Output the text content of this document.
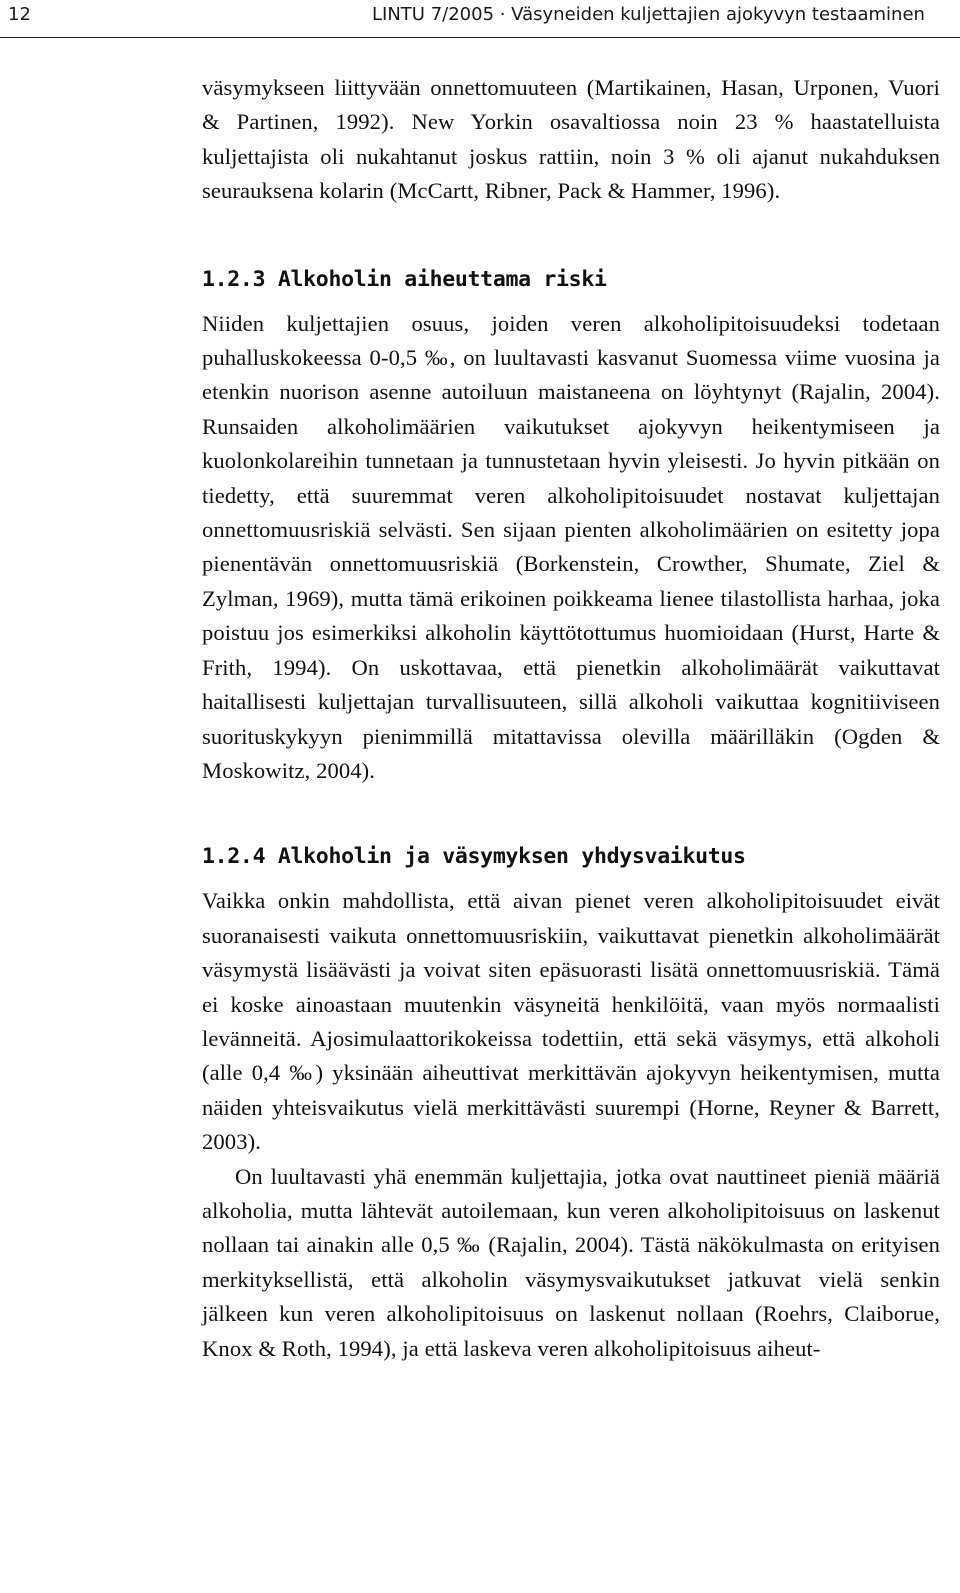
12	LINTU 7/2005 · Väsyneiden kuljettajien ajokyvyn testaaminen

väsymykseen liittyvään onnettomuuteen (Martikainen, Hasan, Urponen, Vuori & Partinen, 1992). New Yorkin osavaltiossa noin 23 % haastatelluista kuljettajista oli nukahtanut joskus rattiin, noin 3 % oli ajanut nukahduksen seurauksena kolarin (McCartt, Ribner, Pack & Hammer, 1996).

1.2.3 Alkoholin aiheuttama riski

Niiden kuljettajien osuus, joiden veren alkoholipitoisuudeksi todetaan puhalluskokeessa 0-0,5 ‰, on luultavasti kasvanut Suomessa viime vuosina ja etenkin nuorison asenne autoiluun maistaneena on löyhtynyt (Rajalin, 2004). Runsaiden alkoholimäärien vaikutukset ajokyvyn heikentymiseen ja kuolonkolareihin tunnetaan ja tunnustetaan hyvin yleisesti. Jo hyvin pitkään on tiedetty, että suuremmat veren alkoholipitoisuudet nostavat kuljettajan onnettomuusriskiä selvästi. Sen sijaan pienten alkoholimäärien on esitetty jopa pienentävän onnettomuusriskiä (Borkenstein, Crowther, Shumate, Ziel & Zylman, 1969), mutta tämä erikoinen poikkeama lienee tilastollista harhaa, joka poistuu jos esimerkiksi alkoholin käyttötottumus huomioidaan (Hurst, Harte & Frith, 1994). On uskottavaa, että pienetkin alkoholimäärät vaikuttavat haitallisesti kuljettajan turvallisuuteen, sillä alkoholi vaikuttaa kognitiiviseen suorituskykyyn pienimmillä mitattavissa olevilla määrilläkin (Ogden & Moskowitz, 2004).

1.2.4 Alkoholin ja väsymyksen yhdysvaikutus

Vaikka onkin mahdollista, että aivan pienet veren alkoholipitoisuudet eivät suoranaisesti vaikuta onnettomuusriskiin, vaikuttavat pienetkin alkoholimäärät väsymystä lisäävästi ja voivat siten epäsuorasti lisätä onnettomuusriskiä. Tämä ei koske ainoastaan muutenkin väsyneitä henkilöitä, vaan myös normaalisti levänneitä. Ajosimulaattorikokeissa todettiin, että sekä väsymys, että alkoholi (alle 0,4 ‰) yksinään aiheuttivat merkittävän ajokyvyn heikentymisen, mutta näiden yhteisvaikutus vielä merkittävästi suurempi (Horne, Reyner & Barrett, 2003).

On luultavasti yhä enemmän kuljettajia, jotka ovat nauttineet pieniä määriä alkoholia, mutta lähtevät autoilemaan, kun veren alkoholipitoisuus on laskenut nollaan tai ainakin alle 0,5 ‰ (Rajalin, 2004). Tästä näkökulmasta on erityisen merkityksellistä, että alkoholin väsymysvaikutukset jatkuvat vielä senkin jälkeen kun veren alkoholipitoisuus on laskenut nollaan (Roehrs, Claiborue, Knox & Roth, 1994), ja että laskeva veren alkoholipitoisuus aiheut-
